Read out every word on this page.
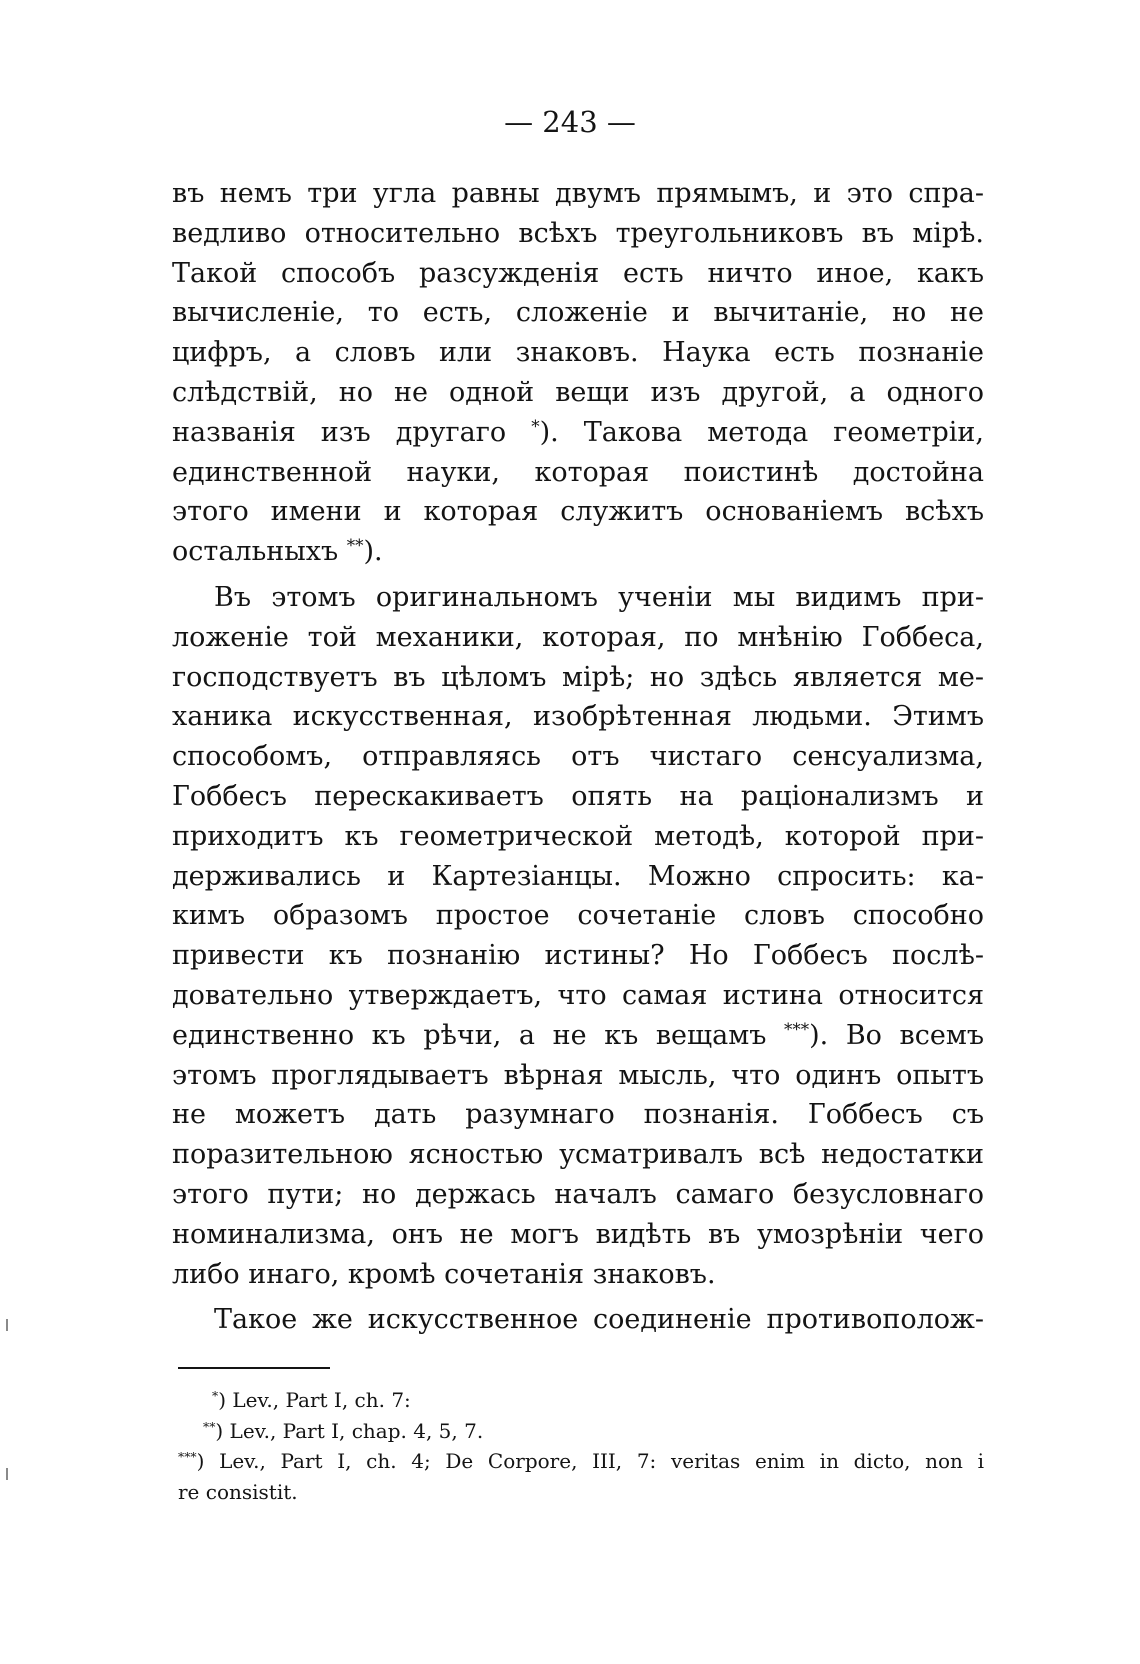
— 243 —
въ немъ три угла равны двумъ прямымъ, и это спра-
ведливо относительно всѣхъ треугольниковъ въ мірѣ.
Такой способъ разсужденія есть ничто иное, какъ
вычисленіе, то есть, сложеніе и вычитаніе, но не
цифръ, а словъ или знаковъ. Наука есть познаніе
слѣдствій, но не одной вещи изъ другой, а одного
названія изъ другаго *). Такова метода геометріи,
единственной науки, которая поистинѣ достойна
этого имени и которая служитъ основаніемъ всѣхъ
остальныхъ **).
Въ этомъ оригинальномъ ученіи мы видимъ при-
ложеніе той механики, которая, по мнѣнію Гоббеса,
господствуетъ въ цѣломъ мірѣ; но здѣсь является ме-
ханика искусственная, изобрѣтенная людьми. Этимъ
способомъ, отправляясь отъ чистаго сенсуализма,
Гоббесъ перескакиваетъ опять на раціонализмъ и
приходитъ къ геометрической методѣ, которой при-
держивались и Картезіанцы. Можно спросить: ка-
кимъ образомъ простое сочетаніе словъ способно
привести къ познанію истины? Но Гоббесъ послѣ-
довательно утверждаетъ, что самая истина относится
единственно къ рѣчи, а не къ вещамъ ***). Во всемъ
этомъ проглядываетъ вѣрная мысль, что одинъ опытъ
не можетъ дать разумнаго познанія. Гоббесъ съ
поразительною ясностью усматривалъ всѣ недостатки
этого пути; но держась началъ самаго безусловнаго
номинализма, онъ не могъ видѣть въ умозрѣніи чего
либо инаго, кромѣ сочетанія знаковъ.
Такое же искусственное соединеніе противополож-
*) Lev., Part I, ch. 7:
**) Lev., Part I, chap. 4, 5, 7.
***) Lev., Part I, ch. 4; De Corpore, III, 7: veritas enim in dicto, non i
re consistit.
